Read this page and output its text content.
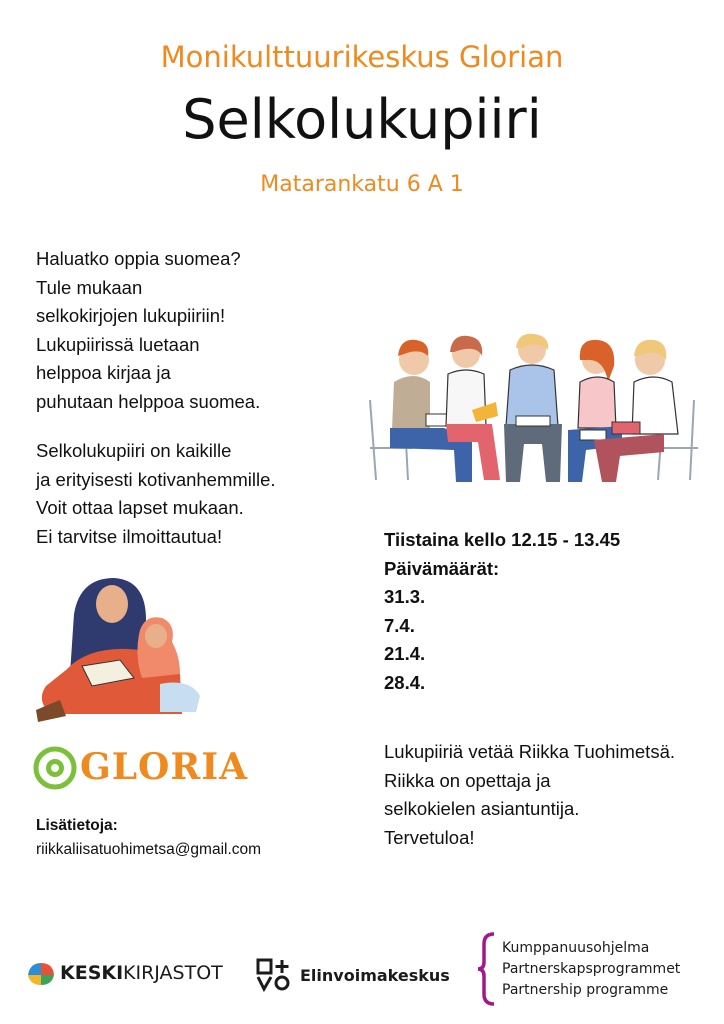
Monikulttuurikeskus Glorian
Selkolukupiiri
Matarankatu 6 A 1
Haluatko oppia suomea?
Tule mukaan
selkokirjojen lukupiiriin!
Lukupiirissä luetaan
helppoa kirjaa ja
puhutaan helppoa suomea.
Selkolukupiiri on kaikille
ja erityisesti kotivanhemmille.
Voit ottaa lapset mukaan.
Ei tarvitse ilmoittautua!
GLORIA
Tiistaina kello 12.15 - 13.45
Päivämäärät:
31.3.
7.4.
21.4.
28.4.
Lukupiiriä vetää Riikka Tuohimetsä.
Riikka on opettaja ja
selkokielen asiantuntija.
Tervetuloa!
Lisätietoja:
riikkaliisatuohimetsa@gmail.com
KESKI KIRJASTOT	Elinvoimakeskus
Kumppanuusohjelma
Partnerskapsprogrammet
Partnership programme
